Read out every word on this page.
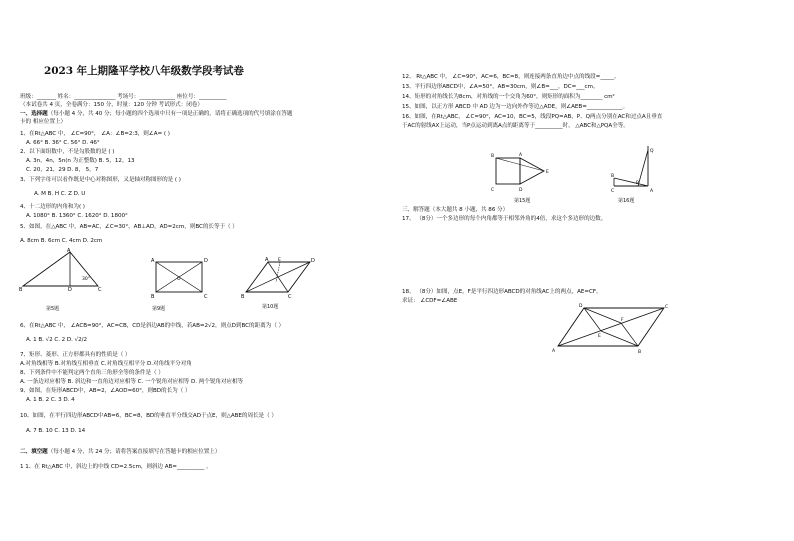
2023 年上期隆平学校八年级数学段考试卷
班级：_______ 姓名：_______________ 考场号：_____________ 座位号：__________
（本试卷共 4 页，全卷满分：150 分，时量：120 分钟 考试形式：闭卷）
一、选择题（每小题 4 分，共 40 分；每小题的四个选项中只有一项是正确的，请将正确选项的代号填涂在答题
卡的 相应位置上）
1、在Rt△ABC 中， ∠C=90°， ∠A：∠B=2:3，则∠A= ( )
A. 66° B. 36° C. 56° D. 46°
2、以下面组数中，不是勾股数的是 ( )
A. 3n，4n，5n(n 为正整数) B. 5，12，13
C. 20，21，29 D. 8， 5，7
3、下列字母可以看作既是中心对称图形，又是轴对称图形的是 ( )
A. M B. H C. Z D. U
4、十二边形的内角和为( )
A. 1080° B. 1360° C. 1620° D. 1800°
5、如图，在△ABC 中，AB=AC，∠C=30°，AB⊥AD，AD=2cm，则BC的长等于（ ）
A. 8cm B. 6cm C. 4cm D. 2cm
A
B	C
D
30°
第5题
A	D
O
B	C
第9题
A	D
E
B	C
第10题
6、在Rt△ABC 中， ∠ACB=90°，AC=CB，CD是斜边AB的中线，若AB=2√2，则点D到BC的距离为（ ）
A. 1 B. √2 C. 2 D. √2/2
7、矩形、菱形、正方形都具有的性质是（ ）
A.对角线相等 B.对角线互相垂直 C.对角线互相平分 D.对角线平分对角
8、下列条件中不能判定两个直角三角形全等的条件是（ ）
A. 一条边对应相等 B. 斜边和一直角边对应相等 C. 一个锐角对应相等 D. 两个锐角对应相等
9、如图，在矩形ABCD中，AB=2，∠AOD=60°，则BD的长为（ ）
A. 1 B. 2 C. 3 D. 4
10、如图，在平行四边形ABCD中AB=6，BC=8，BD的垂直平分线交AD于点E，则△ABE的周长是（ ）
A. 7 B. 10 C. 13 D. 14
二、填空题（每小题 4 分，共 24 分；请将答案直接填写在答题卡的相应位置上）
1 1、在 Rt△ABC 中，斜边上的中线 CD=2.5cm，则斜边 AB=__________ 。
12、 Rt△ABC 中， ∠C=90°，AC=6，BC=8，则连接两条直角边中点的线段=_____。
13、平行四边形ABCD中，∠A=50°，AB=30cm，则∠B=___，DC=___cm。
14、矩形的对角线长为8cm，对角线的一个交角为60°，则矩形的面积为________ cm²
15、如图，以正方形 ABCD 中 AD 边为一边向外作等边△ADE，则∠AEB=_____________。
16、如图，在Rt△ABC， ∠C=90°，AC=10，BC=5，线段PQ=AB，P、Q两点分别在AC和过点A且垂直
于AC的射线AX上运动，当P点运动到离A点的距离等于__________时， △ABC和△PQA全等。
B	A
E
D
C
第15题
Q
A
P
C
B
第16题
三、解答题（本大题共 8 小题，共 86 分）
17、 （8分）一个多边形的每个内角都等于相邻外角的4倍，求这个多边形的边数。
18、 （8分）如图，点E，F是平行四边形ABCD的对角线AC上的两点，AE=CF。
求证： ∠CDF=∠ABE
D	C
F
E
A	B
